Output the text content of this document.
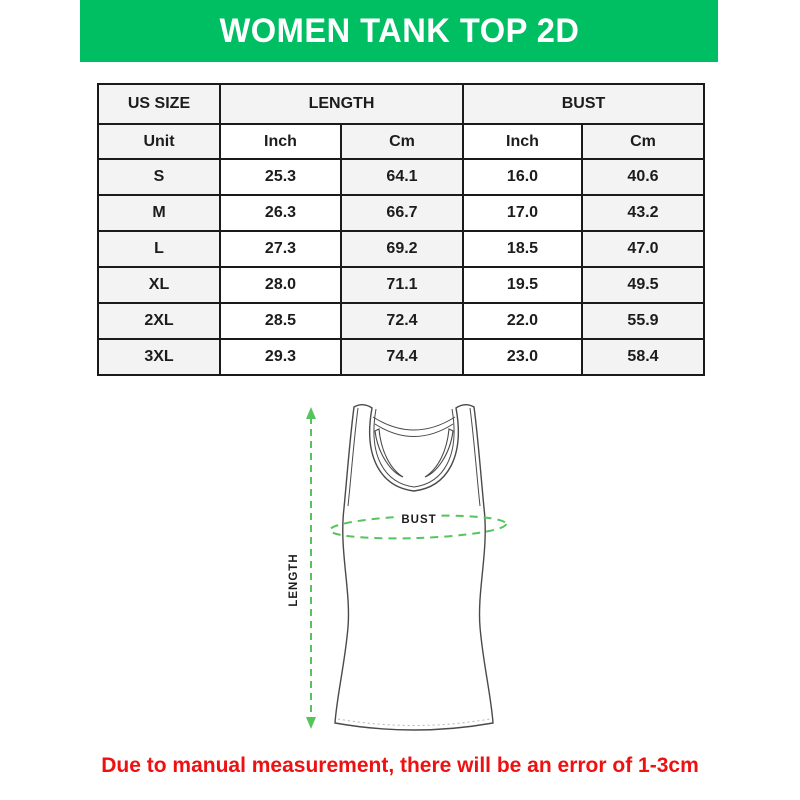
WOMEN TANK TOP 2D
US SIZE	LENGTH		BUST	
Unit	Inch	Cm	Inch	Cm
S	25.3	64.1	16.0	40.6
M	26.3	66.7	17.0	43.2
L	27.3	69.2	18.5	47.0
XL	28.0	71.1	19.5	49.5
2XL	28.5	72.4	22.0	55.9
3XL	29.3	74.4	23.0	58.4
BUST
LENGTH
Due to manual measurement, there will be an error of 1-3cm
